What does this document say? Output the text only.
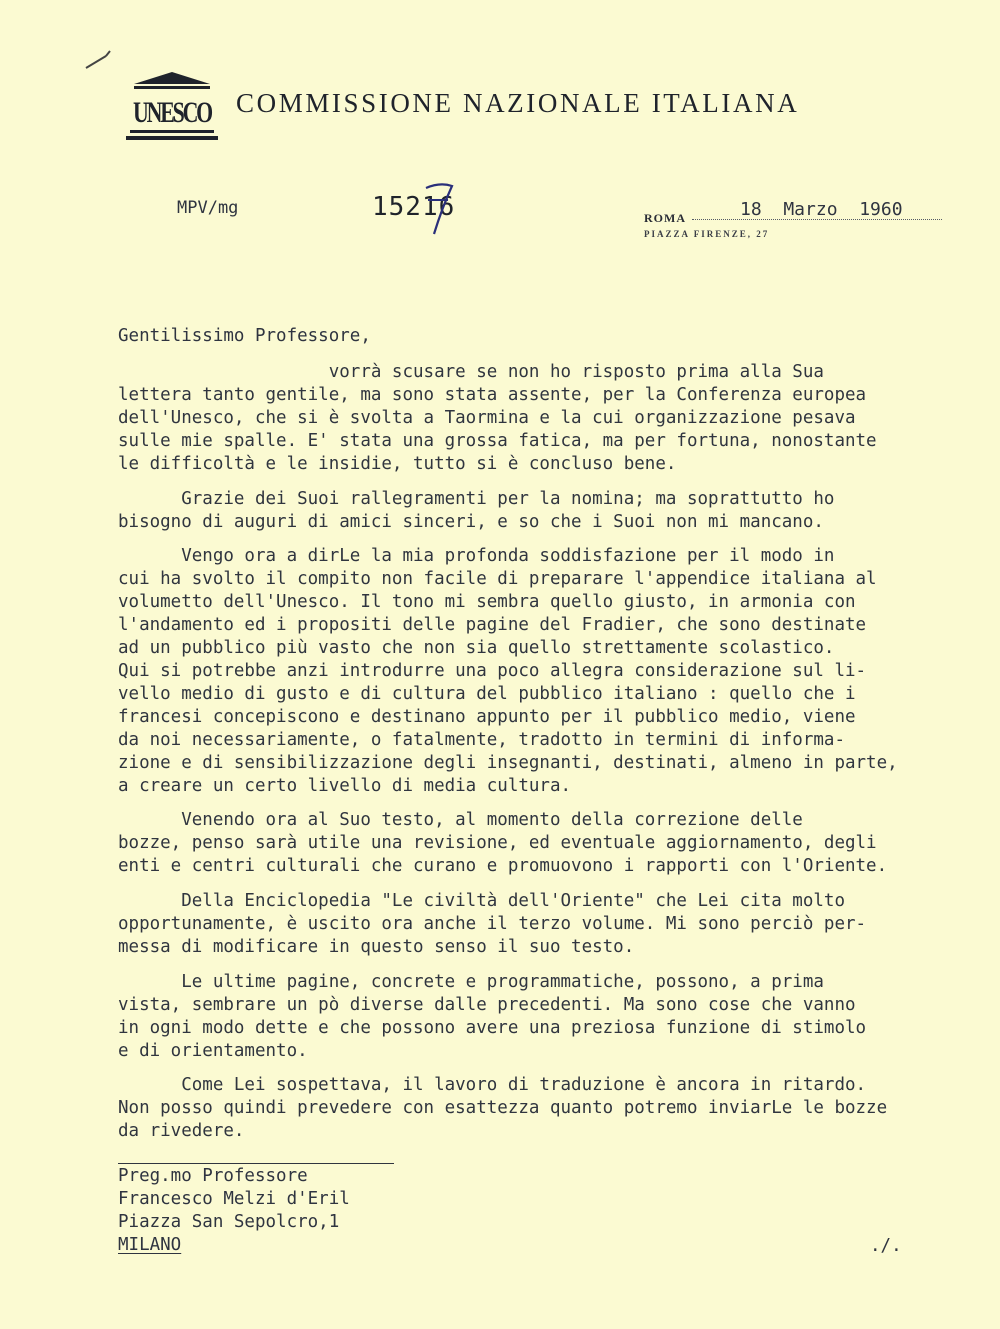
UNESCO COMMISSIONE NAZIONALE ITALIANA
MPV/mg	15216	ROMA	18  Marzo  1960
PIAZZA FIRENZE, 27
Gentilissimo Professore,
vorrà scusare se non ho risposto prima alla Sua
lettera tanto gentile, ma sono stata assente, per la Conferenza europea
dell'Unesco, che si è svolta a Taormina e la cui organizzazione pesava
sulle mie spalle. E' stata una grossa fatica, ma per fortuna, nonostante
le difficoltà e le insidie, tutto si è concluso bene.
Grazie dei Suoi rallegramenti per la nomina; ma soprattutto ho
bisogno di auguri di amici sinceri, e so che i Suoi non mi mancano.
Vengo ora a dirLe la mia profonda soddisfazione per il modo in
cui ha svolto il compito non facile di preparare l'appendice italiana al
volumetto dell'Unesco. Il tono mi sembra quello giusto, in armonia con
l'andamento ed i propositi delle pagine del Fradier, che sono destinate
ad un pubblico più vasto che non sia quello strettamente scolastico.
Qui si potrebbe anzi introdurre una poco allegra considerazione sul li-
vello medio di gusto e di cultura del pubblico italiano : quello che i
francesi concepiscono e destinano appunto per il pubblico medio, viene
da noi necessariamente, o fatalmente, tradotto in termini di informa-
zione e di sensibilizzazione degli insegnanti, destinati, almeno in parte,
a creare un certo livello di media cultura.
Venendo ora al Suo testo, al momento della correzione delle
bozze, penso sarà utile una revisione, ed eventuale aggiornamento, degli
enti e centri culturali che curano e promuovono i rapporti con l'Oriente.
Della Enciclopedia "Le civiltà dell'Oriente" che Lei cita molto
opportunamente, è uscito ora anche il terzo volume. Mi sono perciò per-
messa di modificare in questo senso il suo testo.
Le ultime pagine, concrete e programmatiche, possono, a prima
vista, sembrare un pò diverse dalle precedenti. Ma sono cose che vanno
in ogni modo dette e che possono avere una preziosa funzione di stimolo
e di orientamento.
Come Lei sospettava, il lavoro di traduzione è ancora in ritardo.
Non posso quindi prevedere con esattezza quanto potremo inviarLe le bozze
da rivedere.
Preg.mo Professore
Francesco Melzi d'Eril
Piazza San Sepolcro,1
MILANO	./.
